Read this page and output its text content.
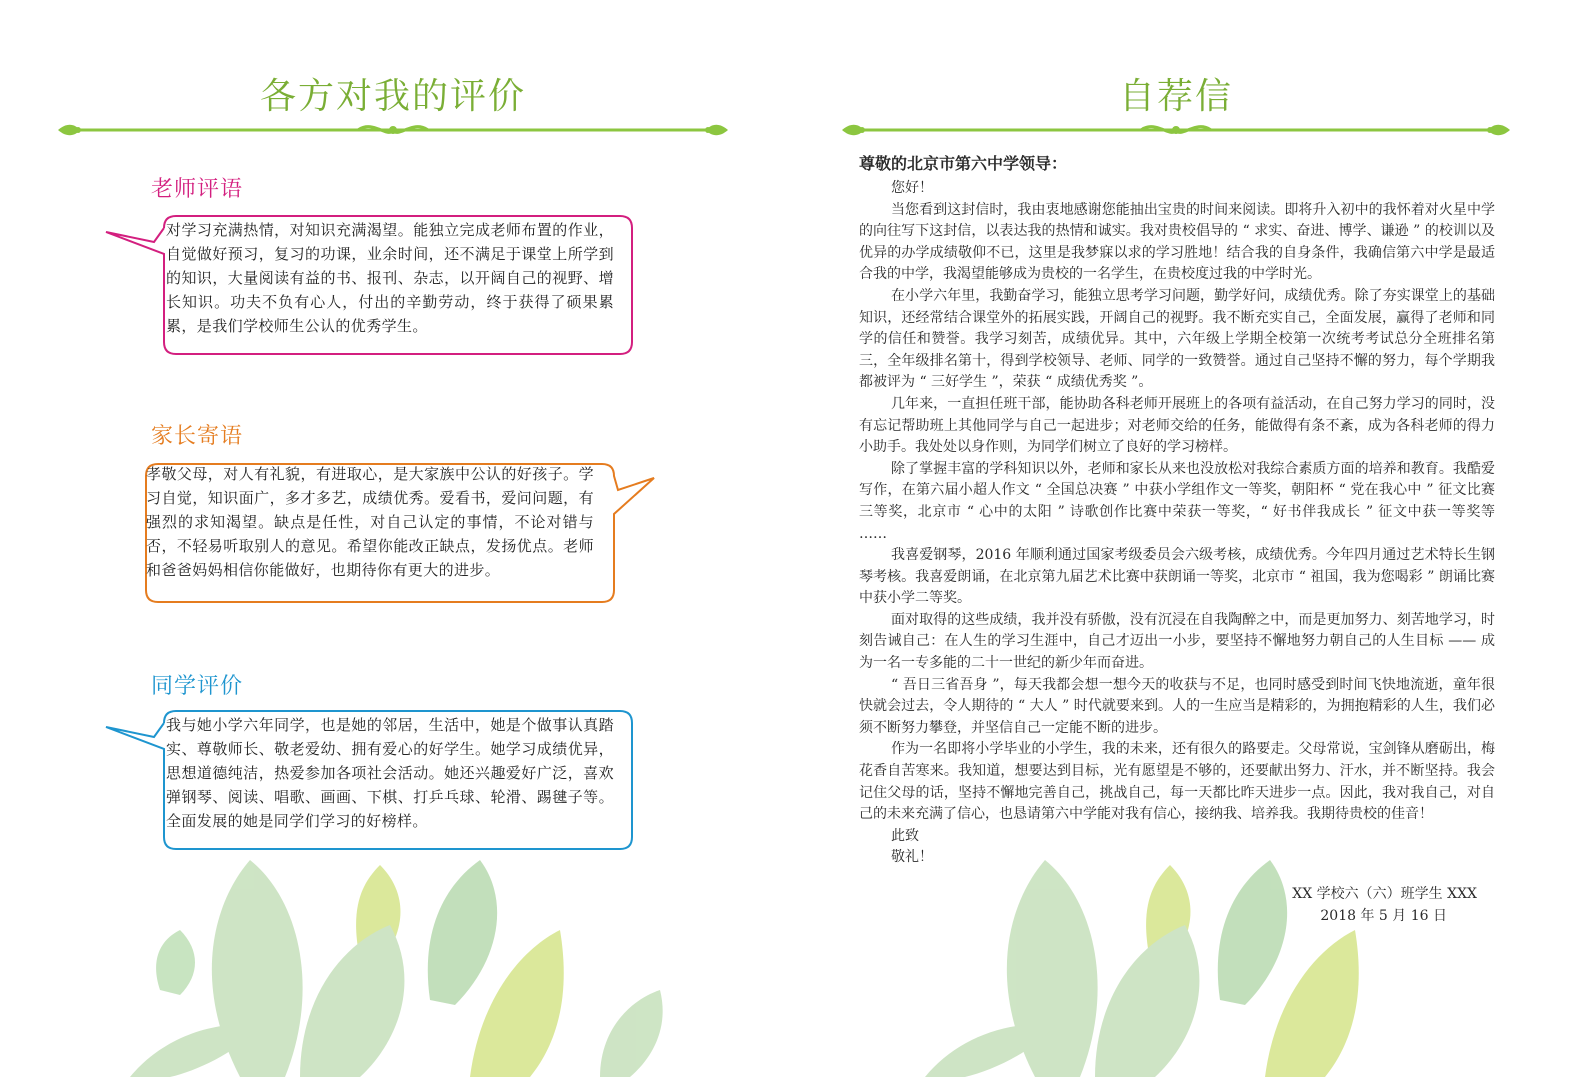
各方对我的评价
老师评语

对学习充满热情，对知识充满渴望。能独立完成老师布置的作业，自觉做好预习，复习的功课，业余时间，还不满足于课堂上所学到的知识，大量阅读有益的书、报刊、杂志，以开阔自己的视野、增长知识。功夫不负有心人，付出的辛勤劳动，终于获得了硕果累累，是我们学校师生公认的优秀学生。

家长寄语

孝敬父母，对人有礼貌，有进取心，是大家族中公认的好孩子。学习自觉，知识面广，多才多艺，成绩优秀。爱看书，爱问问题，有强烈的求知渴望。缺点是任性，对自己认定的事情，不论对错与否，不轻易听取别人的意见。希望你能改正缺点，发扬优点。老师和爸爸妈妈相信你能做好，也期待你有更大的进步。

同学评价

我与她小学六年同学，也是她的邻居，生活中，她是个做事认真踏实、尊敬师长、敬老爱幼、拥有爱心的好学生。她学习成绩优异，思想道德纯洁，热爱参加各项社会活动。她还兴趣爱好广泛，喜欢弹钢琴、阅读、唱歌、画画、下棋、打乒乓球、轮滑、踢毽子等。全面发展的她是同学们学习的好榜样。

自荐信
尊敬的北京市第六中学领导：

您好！

当您看到这封信时，我由衷地感谢您能抽出宝贵的时间来阅读。即将升入初中的我怀着对火星中学的向往写下这封信，以表达我的热情和诚实。我对贵校倡导的 “ 求实、奋进、博学、谦逊 ” 的校训以及优异的办学成绩敬仰不已，这里是我梦寐以求的学习胜地！结合我的自身条件，我确信第六中学是最适合我的中学，我渴望能够成为贵校的一名学生，在贵校度过我的中学时光。

在小学六年里，我勤奋学习，能独立思考学习问题，勤学好问，成绩优秀。除了夯实课堂上的基础知识，还经常结合课堂外的拓展实践，开阔自己的视野。我不断充实自己，全面发展，赢得了老师和同学的信任和赞誉。我学习刻苦，成绩优异。其中，六年级上学期全校第一次统考考试总分全班排名第三，全年级排名第十，得到学校领导、老师、同学的一致赞誉。通过自己坚持不懈的努力，每个学期我都被评为 “ 三好学生 ”，荣获 “ 成绩优秀奖 ”。

几年来，一直担任班干部，能协助各科老师开展班上的各项有益活动，在自己努力学习的同时，没有忘记帮助班上其他同学与自己一起进步；对老师交给的任务，能做得有条不紊，成为各科老师的得力小助手。我处处以身作则，为同学们树立了良好的学习榜样。

除了掌握丰富的学科知识以外，老师和家长从来也没放松对我综合素质方面的培养和教育。我酷爱写作，在第六届小超人作文 “ 全国总决赛 ” 中获小学组作文一等奖，朝阳杯 “ 党在我心中 ” 征文比赛三等奖，北京市 “ 心中的太阳 ” 诗歌创作比赛中荣获一等奖，“ 好书伴我成长 ” 征文中获一等奖等 ……

我喜爱钢琴，2016 年顺利通过国家考级委员会六级考核，成绩优秀。今年四月通过艺术特长生钢琴考核。我喜爱朗诵，在北京第九届艺术比赛中获朗诵一等奖，北京市 “ 祖国，我为您喝彩 ” 朗诵比赛中获小学二等奖。

面对取得的这些成绩，我并没有骄傲，没有沉浸在自我陶醉之中，而是更加努力、刻苦地学习，时刻告诫自己：在人生的学习生涯中，自己才迈出一小步，要坚持不懈地努力朝自己的人生目标 —— 成为一名一专多能的二十一世纪的新少年而奋进。

“ 吾日三省吾身 ”，每天我都会想一想今天的收获与不足，也同时感受到时间飞快地流逝，童年很快就会过去，令人期待的 “ 大人 ” 时代就要来到。人的一生应当是精彩的，为拥抱精彩的人生，我们必须不断努力攀登，并坚信自己一定能不断的进步。

作为一名即将小学毕业的小学生，我的未来，还有很久的路要走。父母常说，宝剑锋从磨砺出，梅花香自苦寒来。我知道，想要达到目标，光有愿望是不够的，还要献出努力、汗水，并不断坚持。我会记住父母的话，坚持不懈地完善自己，挑战自己，每一天都比昨天进步一点。因此，我对我自己，对自己的未来充满了信心，也恳请第六中学能对我有信心，接纳我、培养我。我期待贵校的佳音！

此致

敬礼！

XX 学校六（六）班学生 XXX
2018 年 5 月 16 日
